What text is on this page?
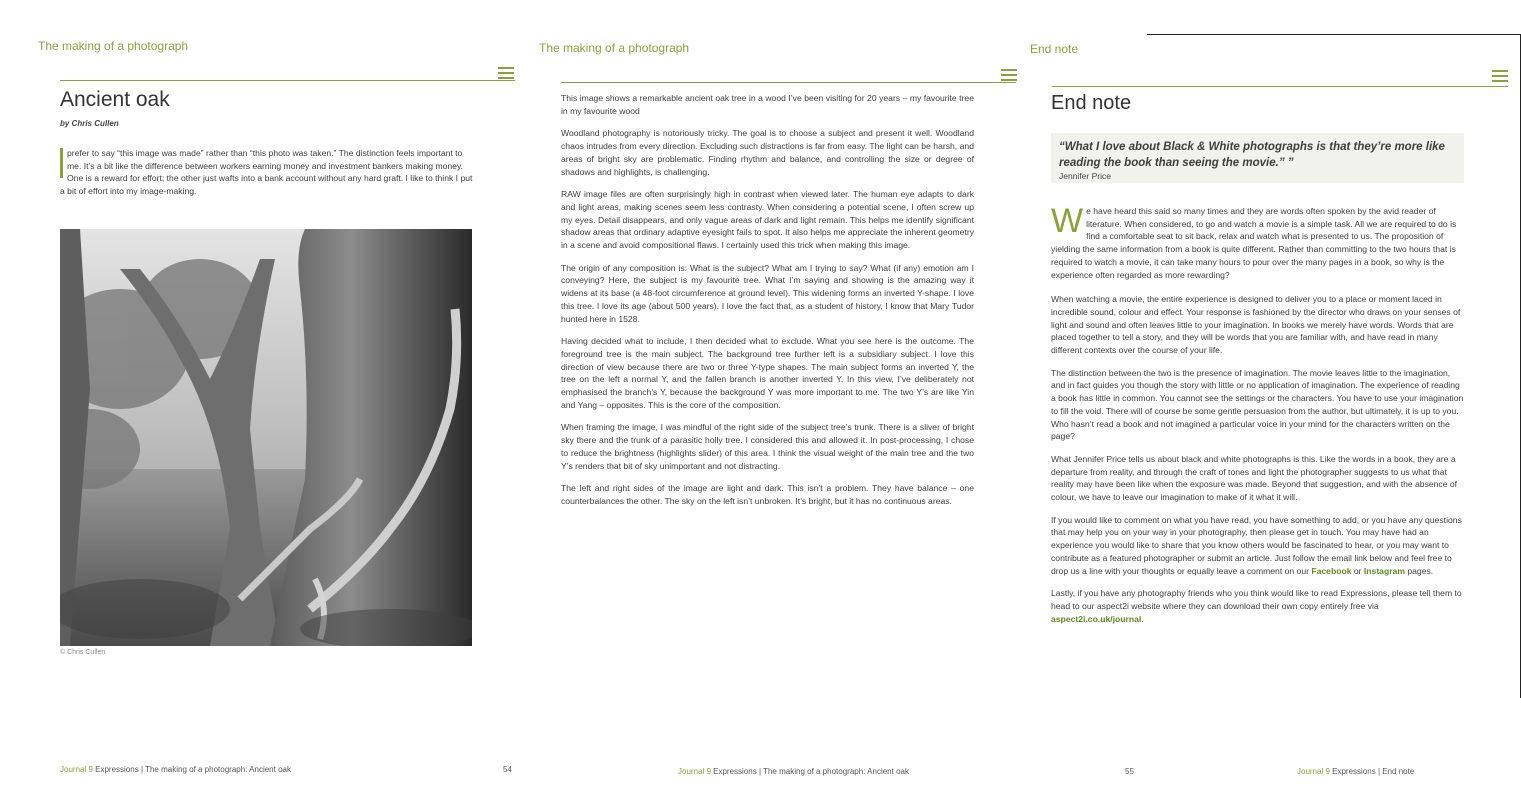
The making of a photograph
Ancient oak
by Chris Cullen
prefer to say “this image was made” rather than “this photo was taken.” The distinction feels important to me. It’s a bit like the difference between workers earning money and investment bankers making money. One is a reward for effort; the other just wafts into a bank account without any hard graft. I like to think I put a bit of effort into my image-making.
© Chris Cullen
Journal 9 Expressions | The making of a photograph: Ancient oak	54
The making of a photograph

This image shows a remarkable ancient oak tree in a wood I’ve been visiting for 20 years – my favourite tree in my favourite wood

Woodland photography is notoriously tricky. The goal is to choose a subject and present it well. Woodland chaos intrudes from every direction. Excluding such distractions is far from easy. The light can be harsh, and areas of bright sky are problematic. Finding rhythm and balance, and controlling the size or degree of shadows and highlights, is challenging.

RAW image files are often surprisingly high in contrast when viewed later. The human eye adapts to dark and light areas, making scenes seem less contrasty. When considering a potential scene, I often screw up my eyes. Detail disappears, and only vague areas of dark and light remain. This helps me identify significant shadow areas that ordinary adaptive eyesight fails to spot. It also helps me appreciate the inherent geometry in a scene and avoid compositional flaws. I certainly used this trick when making this image.

The origin of any composition is: What is the subject? What am I trying to say? What (if any) emotion am I conveying? Here, the subject is my favourite tree. What I’m saying and showing is the amazing way it widens at its base (a 48-foot circumference at ground level). This widening forms an inverted Y-shape. I love this tree. I love its age (about 500 years). I love the fact that, as a student of history, I know that Mary Tudor hunted here in 1528.

Having decided what to include, I then decided what to exclude. What you see here is the outcome. The foreground tree is the main subject. The background tree further left is a subsidiary subject. I love this direction of view because there are two or three Y-type shapes. The main subject forms an inverted Y, the tree on the left a normal Y, and the fallen branch is another inverted Y. In this view, I’ve deliberately not emphasised the branch’s Y, because the background Y was more important to me. The two Y’s are like Yin and Yang – opposites. This is the core of the composition.

When framing the image, I was mindful of the right side of the subject tree’s trunk. There is a sliver of bright sky there and the trunk of a parasitic holly tree. I considered this and allowed it. In post-processing, I chose to reduce the brightness (highlights slider) of this area. I think the visual weight of the main tree and the two Y’s renders that bit of sky unimportant and not distracting.

The left and right sides of the image are light and dark. This isn’t a problem. They have balance – one counterbalances the other. The sky on the left isn’t unbroken. It’s bright, but it has no continuous areas.

Journal 9 Expressions | The making of a photograph: Ancient oak	55
End note
End note
“What I love about Black & White photographs is that they’re more like reading the book than seeing the movie.” ”
Jennifer Price

We have heard this said so many times and they are words often spoken by the avid reader of literature. When considered, to go and watch a movie is a simple task. All we are required to do is find a comfortable seat to sit back, relax and watch what is presented to us. The proposition of yielding the same information from a book is quite different. Rather than committing to the two hours that is required to watch a movie, it can take many hours to pour over the many pages in a book, so why is the experience often regarded as more rewarding?

When watching a movie, the entire experience is designed to deliver you to a place or moment laced in incredible sound, colour and effect. Your response is fashioned by the director who draws on your senses of light and sound and often leaves little to your imagination. In books we merely have words. Words that are placed together to tell a story, and they will be words that you are familiar with, and have read in many different contexts over the course of your life.

The distinction between the two is the presence of imagination. The movie leaves little to the imagination, and in fact guides you though the story with little or no application of imagination. The experience of reading a book has little in common. You cannot see the settings or the characters. You have to use your imagination to fill the void. There will of course be some gentle persuasion from the author, but ultimately, it is up to you. Who hasn’t read a book and not imagined a particular voice in your mind for the characters written on the page?

What Jennifer Price tells us about black and white photographs is this. Like the words in a book, they are a departure from reality, and through the craft of tones and light the photographer suggests to us what that reality may have been like when the exposure was made. Beyond that suggestion, and with the absence of colour, we have to leave our imagination to make of it what it will.

If you would like to comment on what you have read, you have something to add, or you have any questions that may help you on your way in your photography, then please get in touch. You may have had an experience you would like to share that you know others would be fascinated to hear, or you may want to contribute as a featured photographer or submit an article. Just follow the email link below and feel free to drop us a line with your thoughts or equally leave a comment on our Facebook or Instagram pages.

Lastly, if you have any photography friends who you think would like to read Expressions, please tell them to head to our aspect2i website where they can download their own copy entirely free via aspect2i.co.uk/journal.

Journal 9 Expressions | End note
